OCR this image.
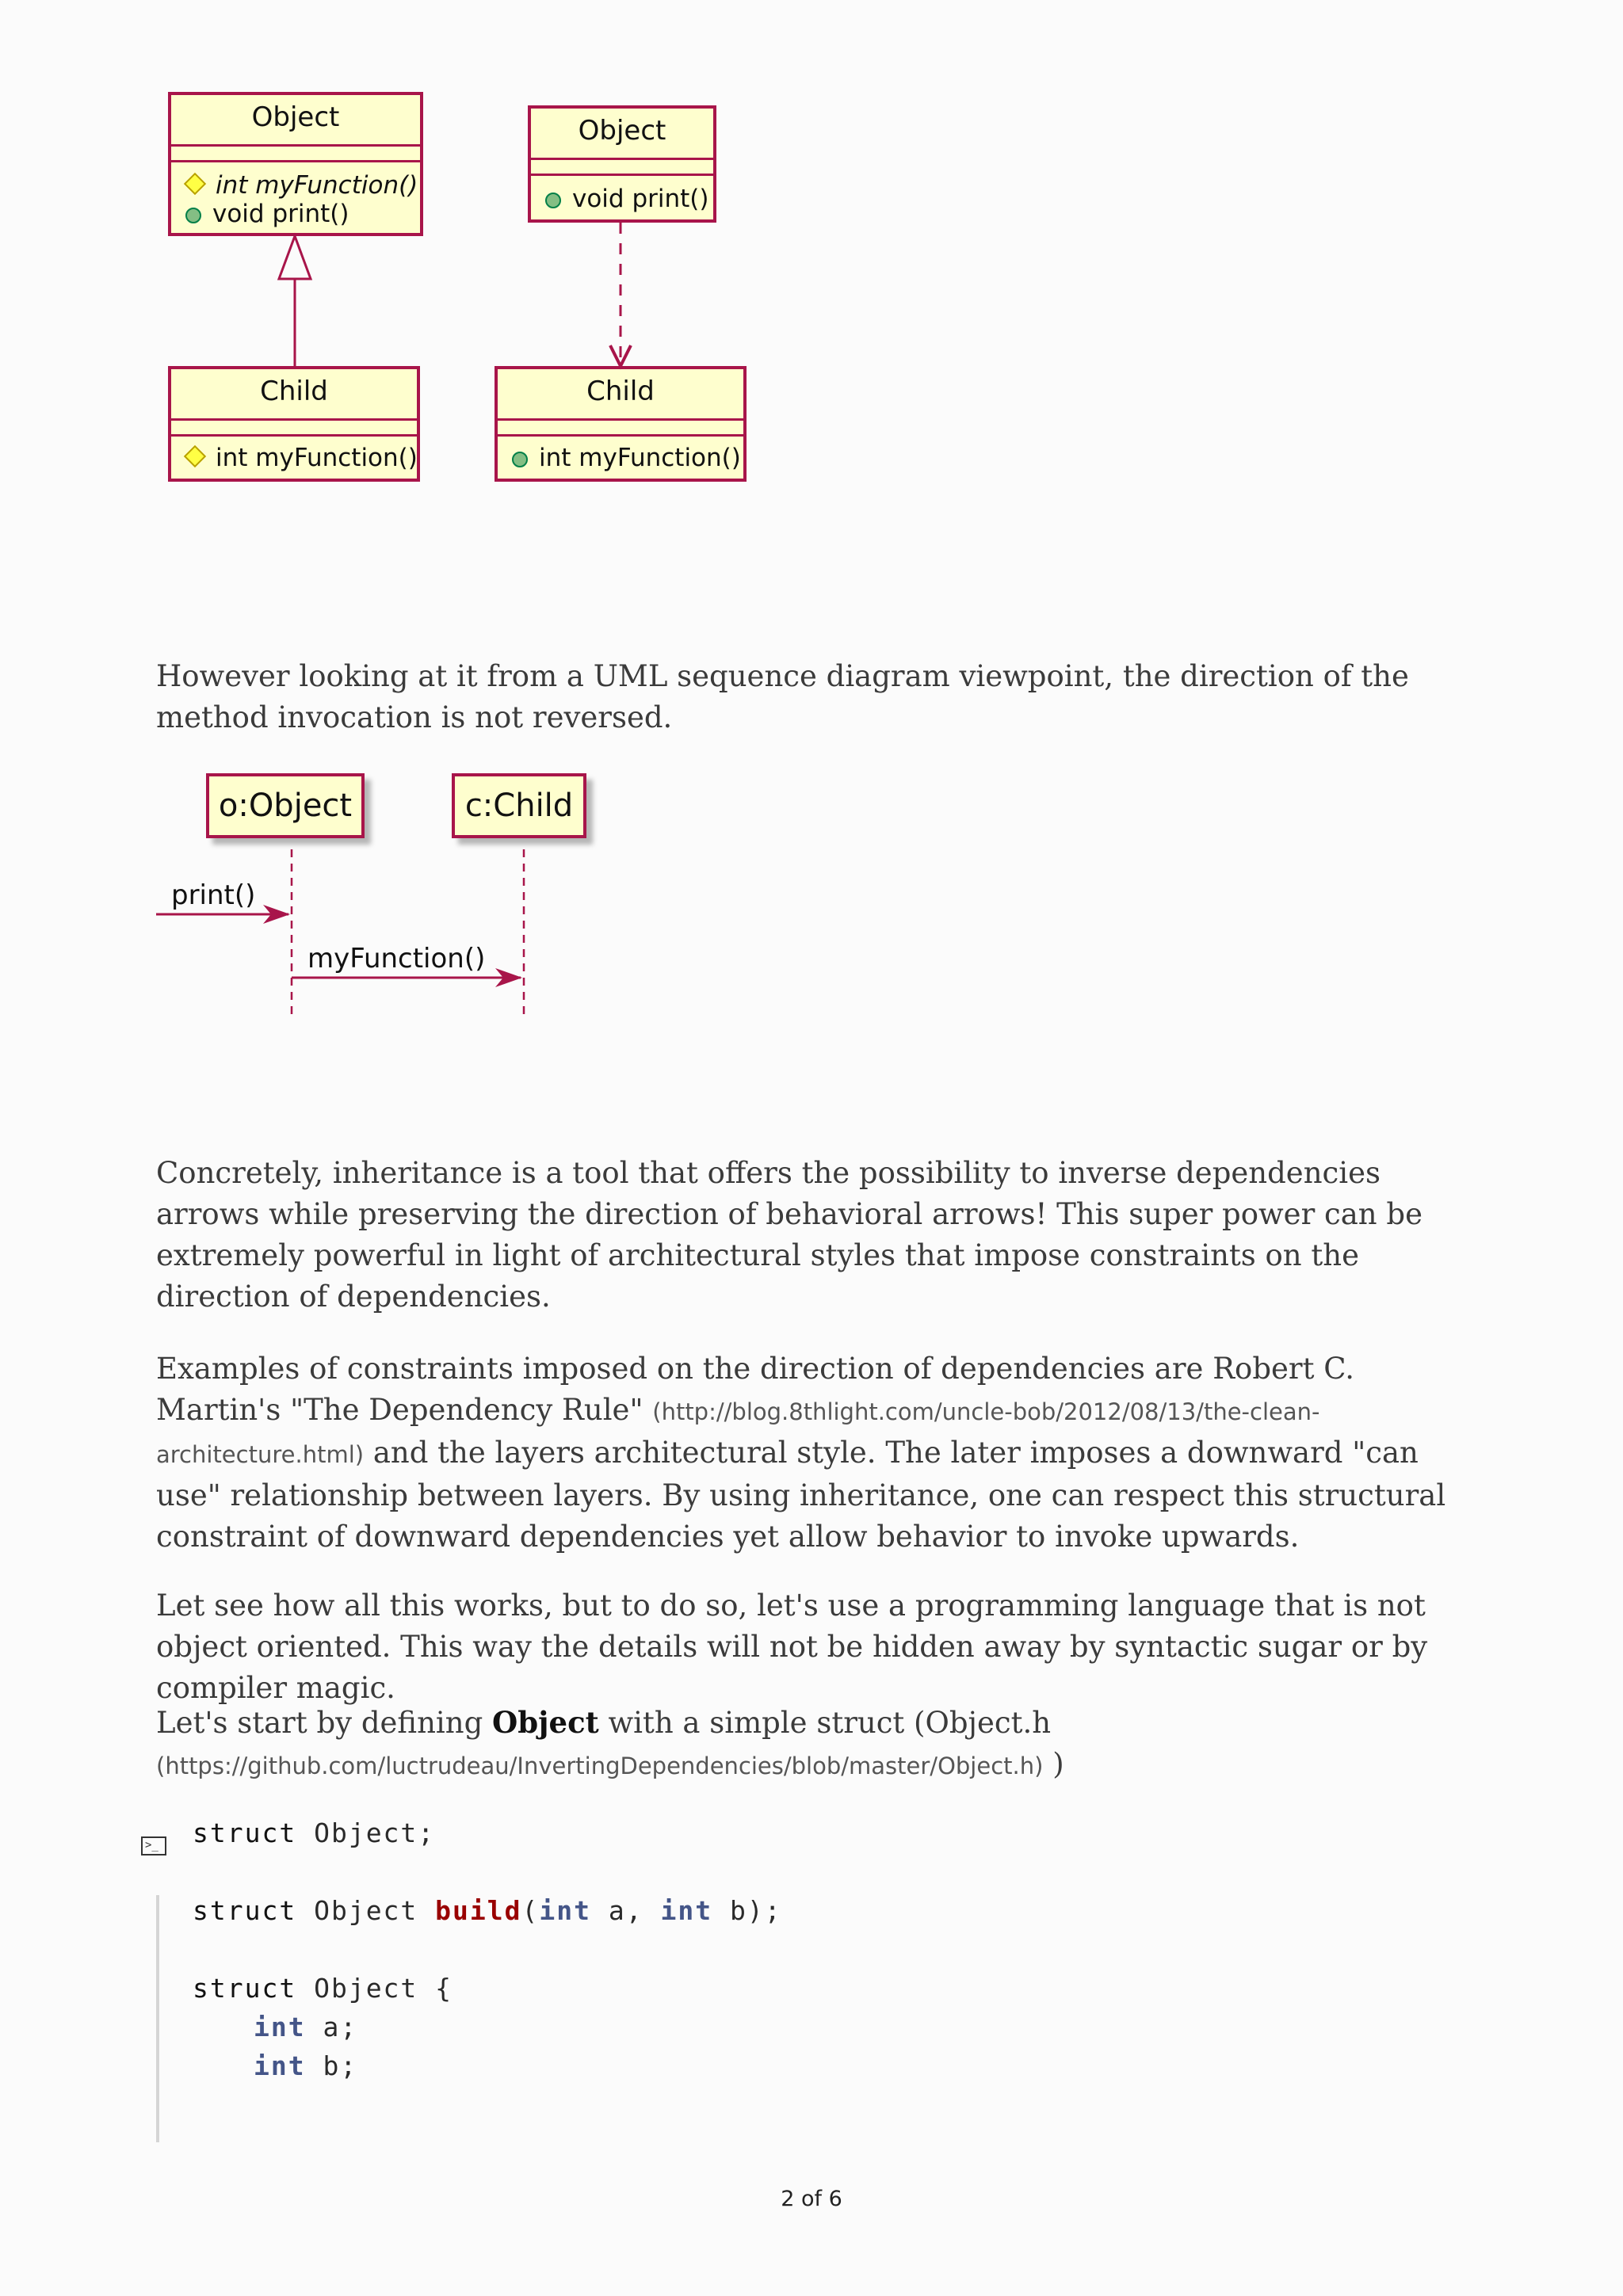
Object
int myFunction()
void print()
Child
int myFunction()
Object
void print()
Child
int myFunction()

However looking at it from a UML sequence diagram viewpoint, the direction of the method invocation is not reversed.

o:Object	c:Child
print()
myFunction()

Concretely, inheritance is a tool that offers the possibility to inverse dependencies arrows while preserving the direction of behavioral arrows! This super power can be extremely powerful in light of architectural styles that impose constraints on the direction of dependencies.

Examples of constraints imposed on the direction of dependencies are Robert C. Martin's "The Dependency Rule" (http://blog.8thlight.com/uncle-bob/2012/08/13/the-clean-architecture.html) and the layers architectural style. The later imposes a downward "can use" relationship between layers. By using inheritance, one can respect this structural constraint of downward dependencies yet allow behavior to invoke upwards.

Let see how all this works, but to do so, let's use a programming language that is not object oriented. This way the details will not be hidden away by syntactic sugar or by compiler magic.

Let's start by defining Object with a simple struct (Object.h
(https://github.com/luctrudeau/InvertingDependencies/blob/master/Object.h) )

>_	struct Object;
struct Object build(int a, int b);
struct Object {
int a;
int b;
2 of 6
